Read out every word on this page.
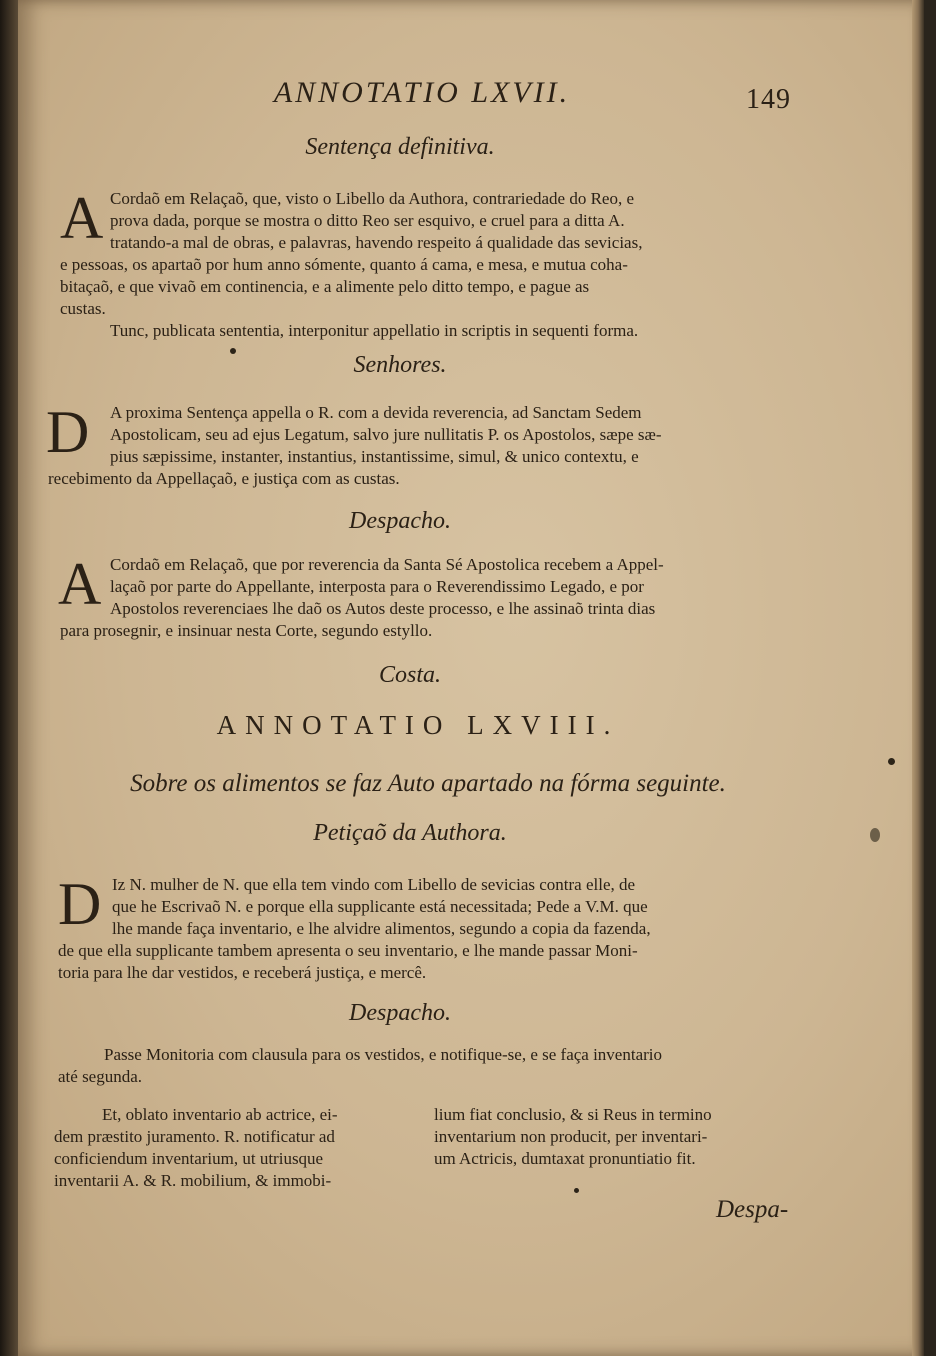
ANNOTATIO LXVII.	149
Sentença definitiva.
A Cordaõ em Relaçaõ, que, visto o Libello da Authora, contrariedade do Reo, e
prova dada, porque se mostra o ditto Reo ser esquivo, e cruel para a ditta A.
tratando-a mal de obras, e palavras, havendo respeito á qualidade das sevicias,
e pessoas, os apartaõ por hum anno sómente, quanto á cama, e mesa, e mutua coha-
bitaçaõ, e que vivaõ em continencia, e a alimente pelo ditto tempo, e pague as
custas.
Tunc, publicata sententia, interponitur appellatio in scriptis in sequenti forma.
Senhores.
D	A proxima Sentença appella o R. com a devida reverencia, ad Sanctam Sedem
Apostolicam, seu ad ejus Legatum, salvo jure nullitatis P. os Apostolos, sæpe sæ-
pius sæpissime, instanter, instantius, instantissime, simul, & unico contextu, e
recebimento da Appellaçaõ, e justiça com as custas.
Despacho.
A Cordaõ em Relaçaõ, que por reverencia da Santa Sé Apostolica recebem a Appel-
laçaõ por parte do Appellante, interposta para o Reverendissimo Legado, e por
Apostolos reverenciaes lhe daõ os Autos deste processo, e lhe assinaõ trinta dias
para prosegnir, e insinuar nesta Corte, segundo estyllo.
Costa.
ANNOTATIO LXVIII.
Sobre os alimentos se faz Auto apartado na fórma seguinte.
Petiçaõ da Authora.
D Iz N. mulher de N. que ella tem vindo com Libello de sevicias contra elle, de
que he Escrivaõ N. e porque ella supplicante está necessitada; Pede a V.M. que
lhe mande faça inventario, e lhe alvidre alimentos, segundo a copia da fazenda,
de que ella supplicante tambem apresenta o seu inventario, e lhe mande passar Moni-
toria para lhe dar vestidos, e receberá justiça, e mercê.
Despacho.
Passe Monitoria com clausula para os vestidos, e notifique-se, e se faça inventario
até segunda.
Et, oblato inventario ab actrice, ei-
dem præstito juramento. R. notificatur ad
conficiendum inventarium, ut utriusque
inventarii A. & R. mobilium, & immobi-
lium fiat conclusio, & si Reus in termino
inventarium non producit, per inventari-
um Actricis, dumtaxat pronuntiatio fit.
Despa-
